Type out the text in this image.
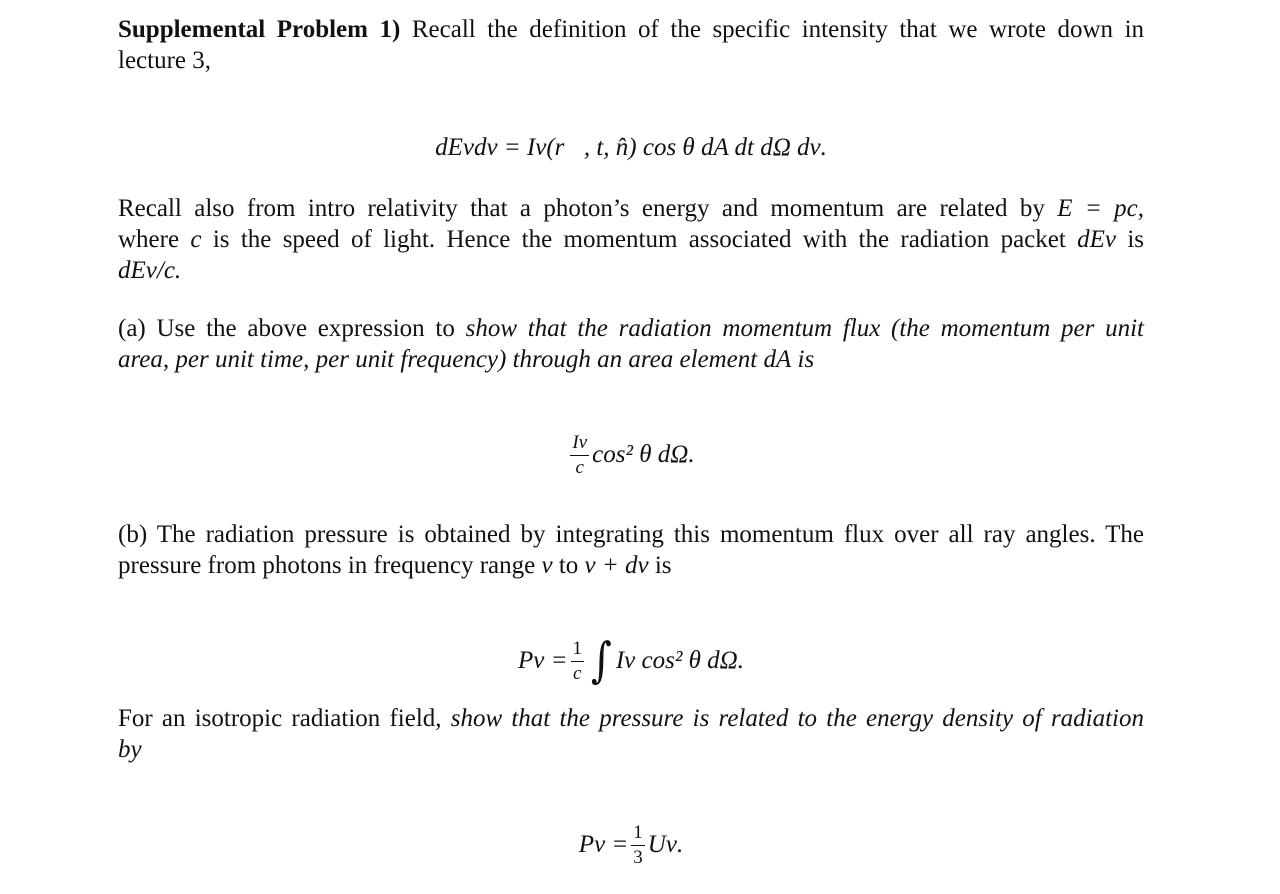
Supplemental Problem 1) Recall the definition of the specific intensity that we wrote down in
lecture 3,
dEνdν = Iν(r⃗, t, n̂) cos θ dA dt dΩ dν.
Recall also from intro relativity that a photon’s energy and momentum are related by E = pc,
where c is the speed of light. Hence the momentum associated with the radiation packet dEν is
dEν/c.
(a) Use the above expression to show that the radiation momentum flux (the momentum per unit
area, per unit time, per unit frequency) through an area element dA is
$\frac{I\nu}{c} \cos^2$ θ dΩ.
(b) The radiation pressure is obtained by integrating this momentum flux over all ray angles. The
pressure from photons in frequency range ν to ν + dν is
$P\nu = \frac{1}{c}$ ∫ Iν cos² θ dΩ.
For an isotropic radiation field, show that the pressure is related to the energy density of radiation
by
$P\nu = \frac{1}{3} U\nu$.
